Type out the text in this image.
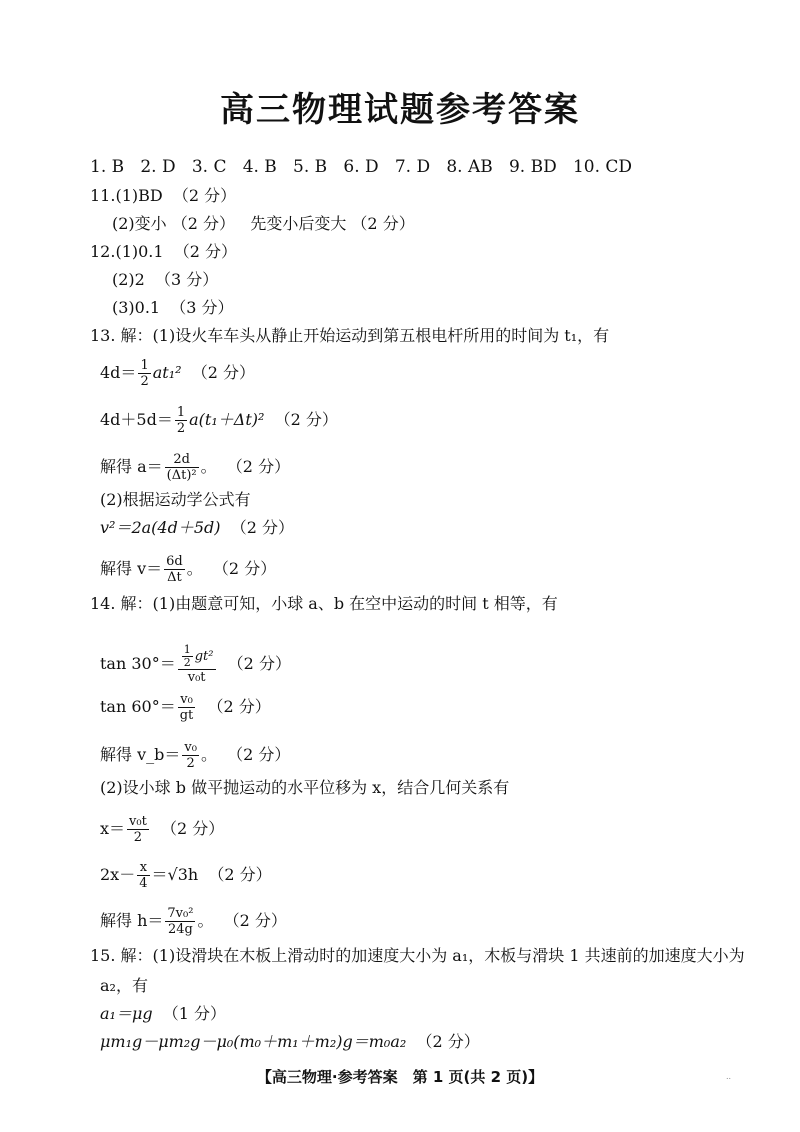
高三物理试题参考答案
1. B 2. D 3. C 4. B 5. B 6. D 7. D 8. AB 9. BD 10. CD
11.(1)BD （2 分）
(2)变小 （2 分） 先变小后变大 （2 分）
12.(1)0.1 （2 分）
(2)2 （3 分）
(3)0.1 （3 分）
13. 解：(1)设火车车头从静止开始运动到第五根电杆所用的时间为 t₁，有
$4d= \frac{1}{2} at_1^2$ （2 分）
$4d+5d= \frac{1}{2} a(t_1+\Delta t)^2$ （2 分）
解得 $a= \frac{2d}{\text{(Δt)²}}$ 。 （2 分）
(2)根据运动学公式有
v²＝2a(4d＋5d) （2 分）
解得 $v= \frac{6d}{\Delta t}$ 。 （2 分）
14. 解：(1)由题意可知，小球 a、b 在空中运动的时间 t 相等，有
$\tan 30^\circ= \frac{\frac{1}{2} gt^2}{\text{v₀t}} (2$ 分）
$\tan 60^\circ= \frac{\text{v₀}}{gt} (2$ 分）
解得 v_b＝ $\frac{\text{v₀}}{2}$ 。 （2 分）
(2)设小球 b 做平抛运动的水平位移为 x，结合几何关系有
$x= \frac{\text{v₀t}}{2} (2$ 分）
$2x- \frac{x}{4} =√3h$ （2 分）
解得 $h= \frac{\text{7v₀²}}{24g}$ 。 （2 分）
15. 解：(1)设滑块在木板上滑动时的加速度大小为 a₁，木板与滑块 1 共速前的加速度大小为
a₂，有
a₁＝μg （1 分）
μm₁g－μm₂g－μ₀(m₀＋m₁＋m₂)g＝m₀a₂ （2 分）
【高三物理·参考答案　第 1 页(共 2 页)】	..
